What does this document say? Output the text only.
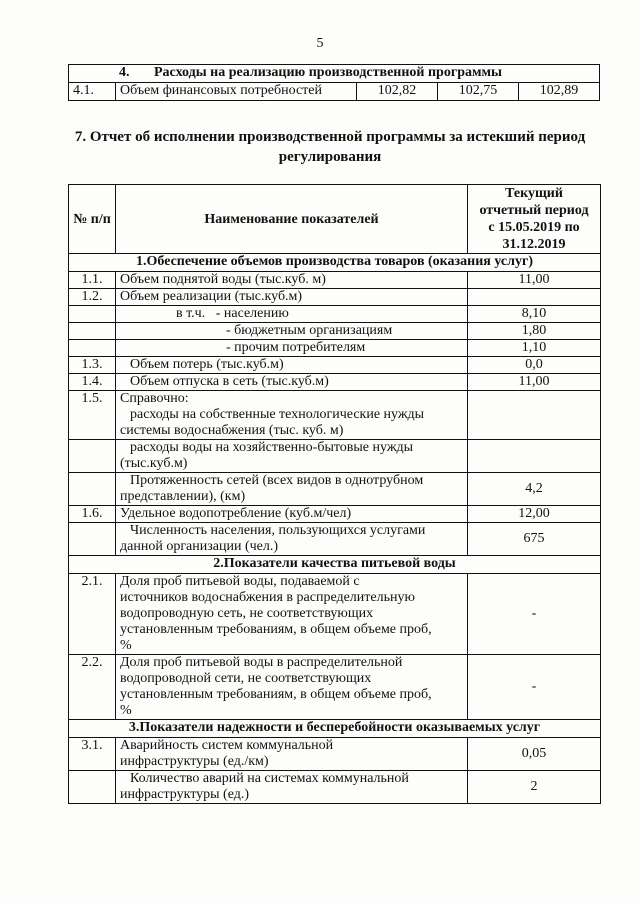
5
4. Расходы на реализацию производственной программы
4.1.	Объем финансовых потребностей	102,82	102,75	102,89
7. Отчет об исполнении производственной программы за истекший период
регулирования
№ п/п	Наименование показателей	Текущий
отчетный период
с 15.05.2019 по
31.12.2019

1.Обеспечение объемов производства товаров (оказания услуг)		
1.1.	Объем поднятой воды (тыс.куб. м)	11,00
1.2.	Объем реализации (тыс.куб.м)	
	в т.ч.   - населению	8,10
	- бюджетным организациям	1,80
	- прочим потребителям	1,10
1.3.	Объем потерь (тыс.куб.м)	0,0
1.4.	Объем отпуска в сеть (тыс.куб.м)	11,00
1.5.	Справочно:
расходы на собственные технологические нужды
системы водоснабжения (тыс. куб. м)	

	расходы воды на хозяйственно-бытовые нужды
(тыс.куб.м)	

	Протяженность сетей (всех видов в однотрубном
представлении), (км)	4,2
1.6.	Удельное водопотребление (куб.м/чел)	12,00

	Численность населения, пользующихся услугами
данной организации (чел.)	675
2.Показатели качества питьевой воды		
2.1.	Доля проб питьевой воды, подаваемой с
источников водоснабжения в распределительную
водопроводную сеть, не соответствующих
установленным требованиям, в общем объеме проб,
%	-
2.2.	Доля проб питьевой воды в распределительной
водопроводной сети, не соответствующих
установленным требованиям, в общем объеме проб,
%	-
3.Показатели надежности и бесперебойности оказываемых услуг		
3.1.	Аварийность систем коммунальной
инфраструктуры (ед./км)	0,05

	Количество аварий на системах коммунальной
инфраструктуры (ед.)	2
